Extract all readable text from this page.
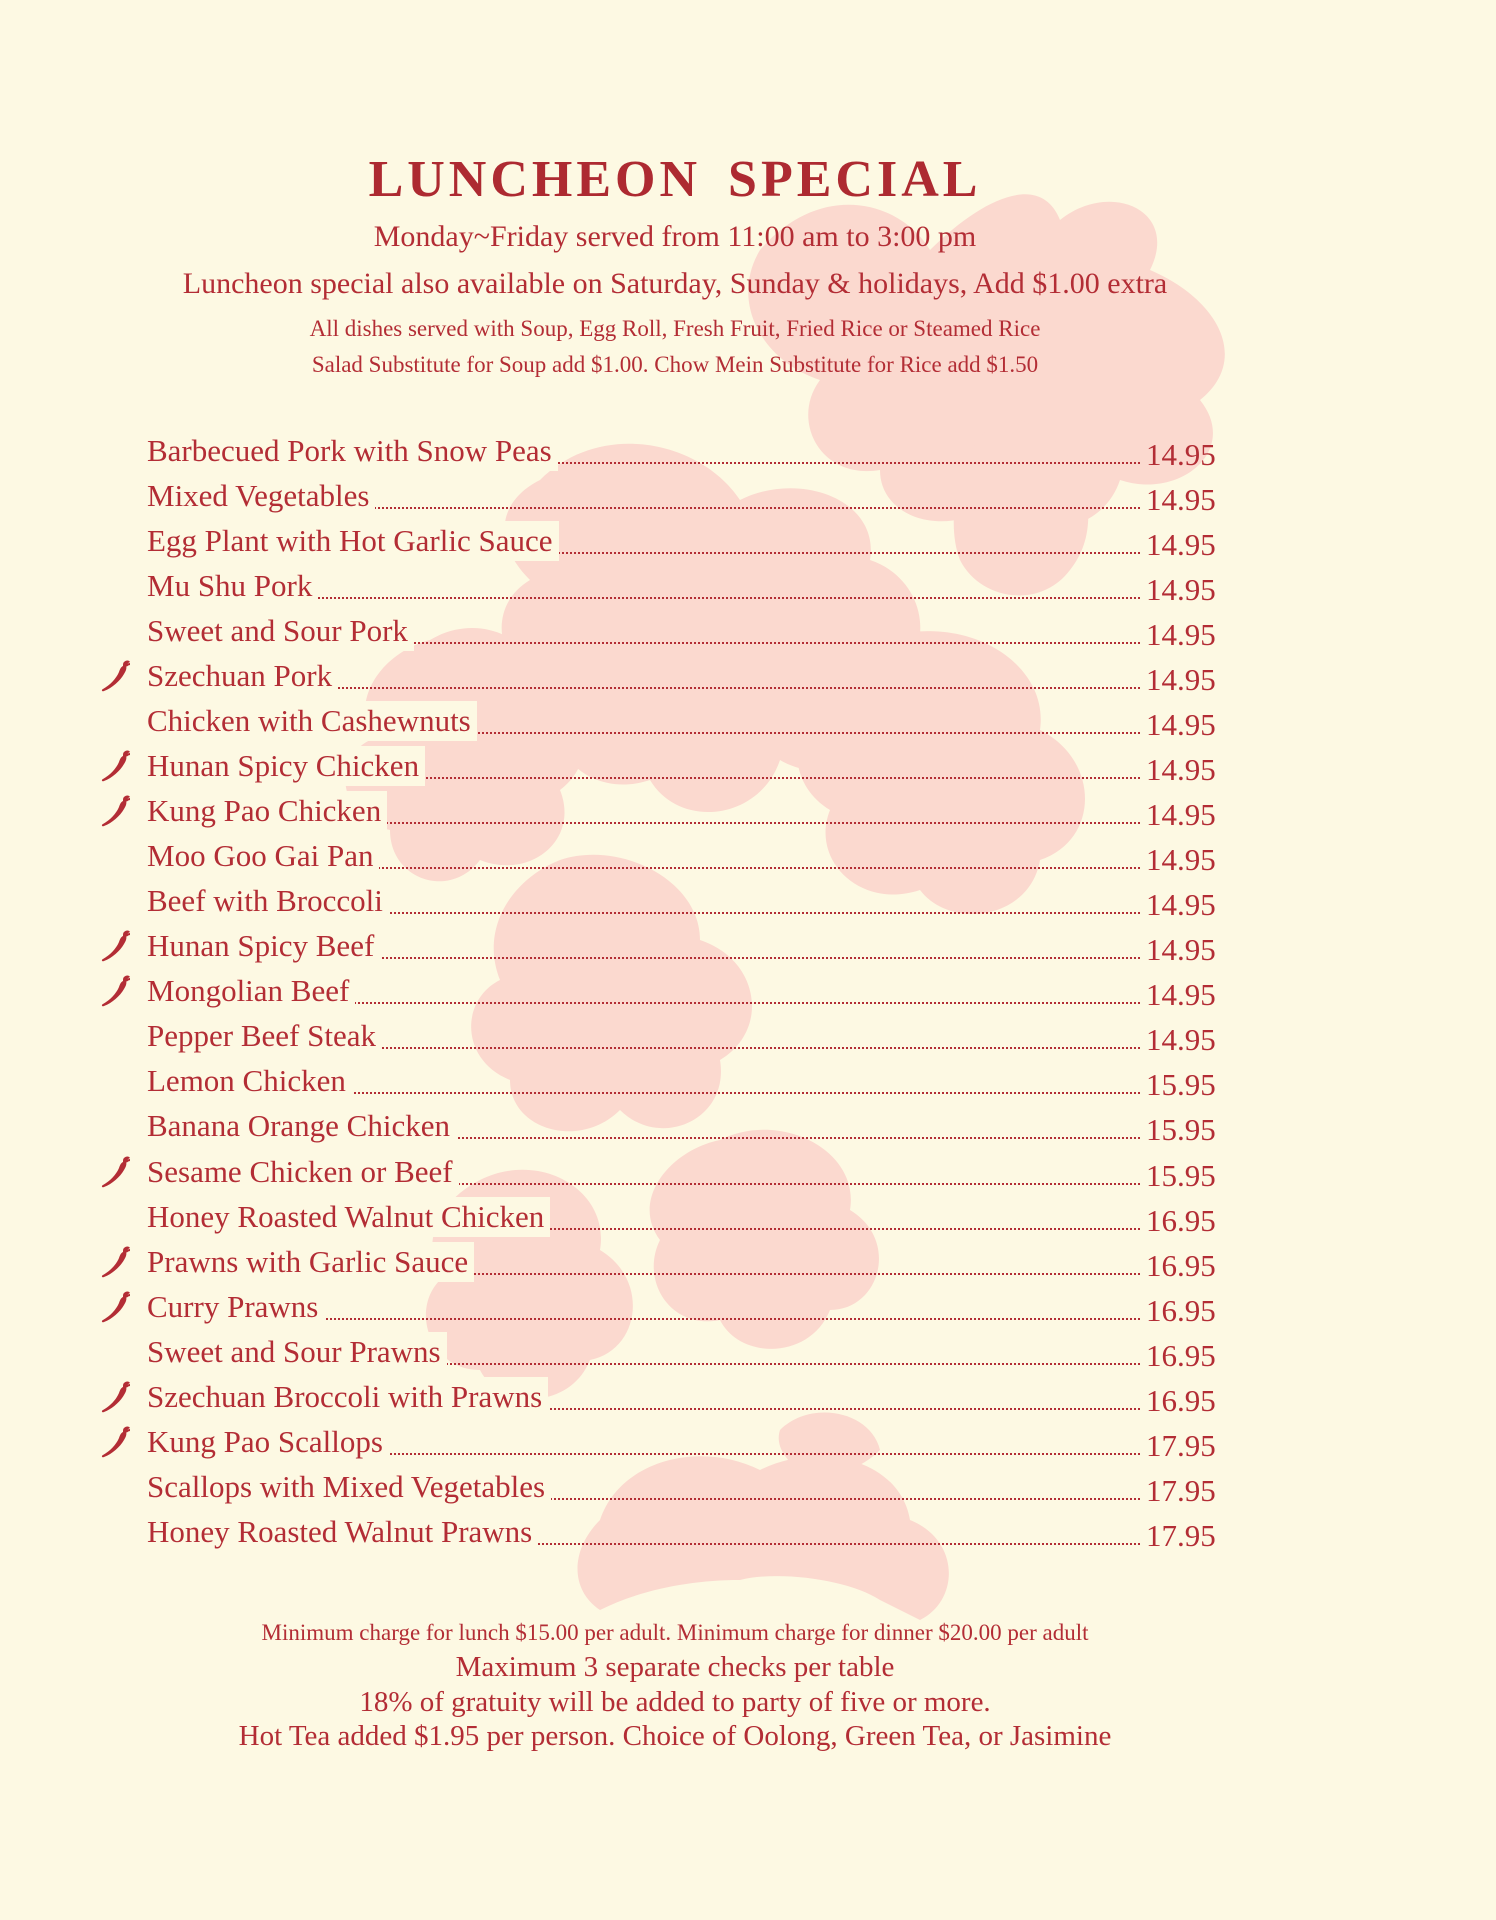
LUNCHEON SPECIAL
Monday~Friday served from 11:00 am to 3:00 pm
Luncheon special also available on Saturday, Sunday & holidays, Add $1.00 extra
All dishes served with Soup, Egg Roll, Fresh Fruit, Fried Rice or Steamed Rice
Salad Substitute for Soup add $1.00. Chow Mein Substitute for Rice add $1.50
Barbecued Pork with Snow Peas	14.95
Mixed Vegetables	14.95
Egg Plant with Hot Garlic Sauce	14.95
Mu Shu Pork	14.95
Sweet and Sour Pork	14.95
Szechuan Pork	14.95
Chicken with Cashewnuts	14.95
Hunan Spicy Chicken	14.95
Kung Pao Chicken	14.95
Moo Goo Gai Pan	14.95
Beef with Broccoli	14.95
Hunan Spicy Beef	14.95
Mongolian Beef	14.95
Pepper Beef Steak	14.95
Lemon Chicken	15.95
Banana Orange Chicken	15.95
Sesame Chicken or Beef	15.95
Honey Roasted Walnut Chicken	16.95
Prawns with Garlic Sauce	16.95
Curry Prawns	16.95
Sweet and Sour Prawns	16.95
Szechuan Broccoli with Prawns	16.95
Kung Pao Scallops	17.95
Scallops with Mixed Vegetables	17.95
Honey Roasted Walnut Prawns	17.95
Minimum charge for lunch $15.00 per adult. Minimum charge for dinner $20.00 per adult
Maximum 3 separate checks per table
18% of gratuity will be added to party of five or more.
Hot Tea added $1.95 per person. Choice of Oolong, Green Tea, or Jasimine
